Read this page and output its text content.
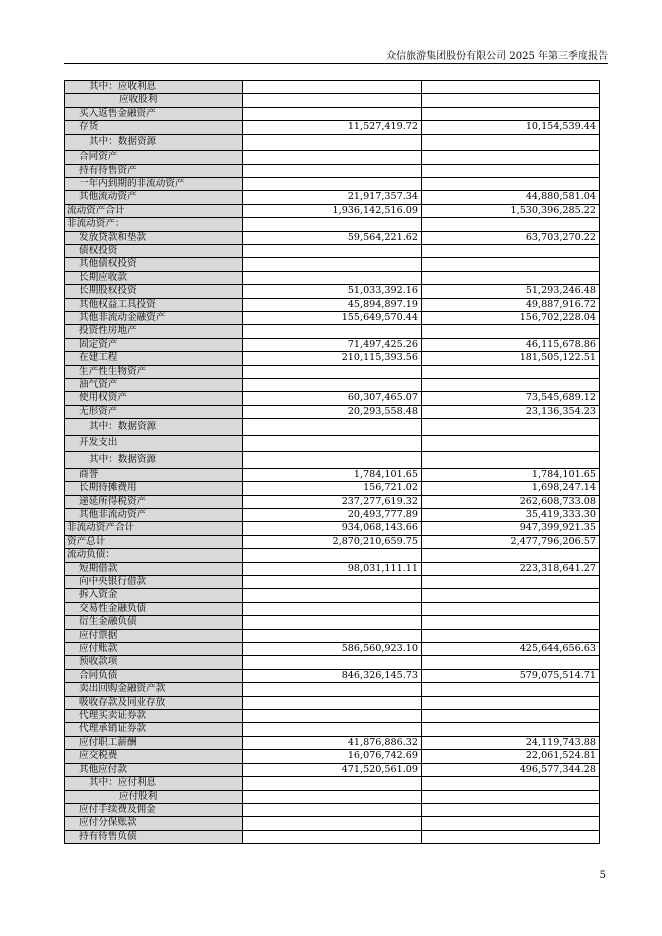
众信旅游集团股份有限公司 2025 年第三季度报告
其中：应收利息		
应收股利		
买入返售金融资产		
存货	11,527,419.72	10,154,539.44
其中：数据资源		
合同资产		
持有待售资产		
一年内到期的非流动资产		
其他流动资产	21,917,357.34	44,880,581.04
流动资产合计	1,936,142,516.09	1,530,396,285.22
非流动资产：		
发放贷款和垫款	59,564,221.62	63,703,270.22
债权投资		
其他债权投资		
长期应收款		
长期股权投资	51,033,392.16	51,293,246.48
其他权益工具投资	45,894,897.19	49,887,916.72
其他非流动金融资产	155,649,570.44	156,702,228.04
投资性房地产		
固定资产	71,497,425.26	46,115,678.86
在建工程	210,115,393.56	181,505,122.51
生产性生物资产		
油气资产		
使用权资产	60,307,465.07	73,545,689.12
无形资产	20,293,558.48	23,136,354.23
其中：数据资源		
开发支出		
其中：数据资源		
商誉	1,784,101.65	1,784,101.65
长期待摊费用	156,721.02	1,698,247.14
递延所得税资产	237,277,619.32	262,608,733.08
其他非流动资产	20,493,777.89	35,419,333.30
非流动资产合计	934,068,143.66	947,399,921.35
资产总计	2,870,210,659.75	2,477,796,206.57
流动负债：		
短期借款	98,031,111.11	223,318,641.27
向中央银行借款		
拆入资金		
交易性金融负债		
衍生金融负债		
应付票据		
应付账款	586,560,923.10	425,644,656.63
预收款项		
合同负债	846,326,145.73	579,075,514.71
卖出回购金融资产款		
吸收存款及同业存放		
代理买卖证券款		
代理承销证券款		
应付职工薪酬	41,876,886.32	24,119,743.88
应交税费	16,076,742.69	22,061,524.81
其他应付款	471,520,561.09	496,577,344.28
其中：应付利息		
应付股利		
应付手续费及佣金		
应付分保账款		
持有待售负债		
5
